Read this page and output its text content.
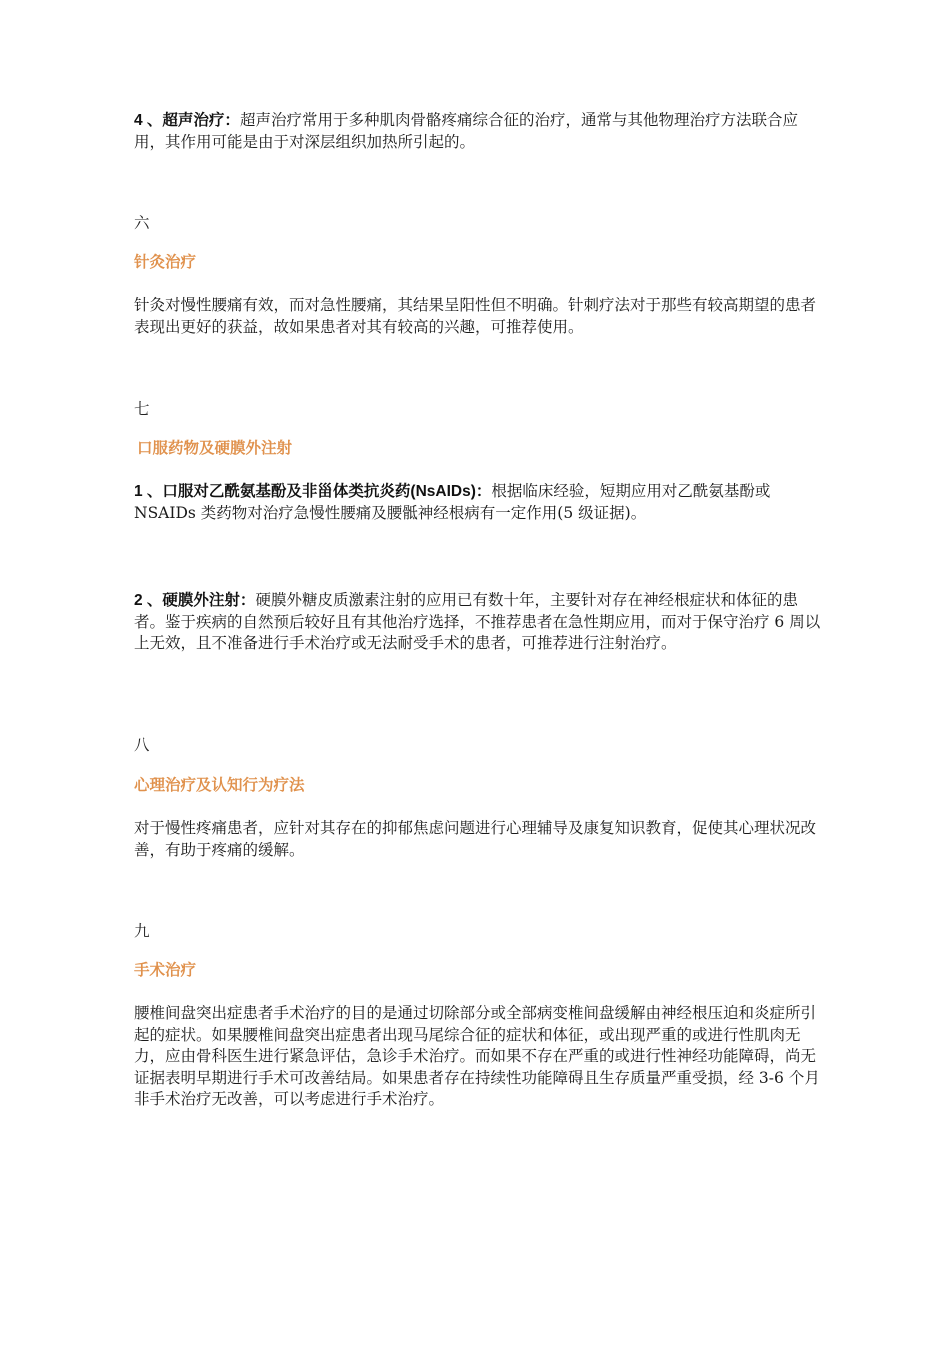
4 、超声治疗：超声治疗常用于多种肌肉骨骼疼痛综合征的治疗，通常与其他物理治疗方法联合应用，其作用可能是由于对深层组织加热所引起的。

六

针灸治疗

针灸对慢性腰痛有效，而对急性腰痛，其结果呈阳性但不明确。针刺疗法对于那些有较高期望的患者表现出更好的获益，故如果患者对其有较高的兴趣，可推荐使用。

七

口服药物及硬膜外注射

1 、口服对乙酰氨基酚及非甾体类抗炎药(NsAIDs)：根据临床经验，短期应用对乙酰氨基酚或 NSAIDs 类药物对治疗急慢性腰痛及腰骶神经根病有一定作用(5 级证据)。

2 、硬膜外注射：硬膜外糖皮质激素注射的应用已有数十年，主要针对存在神经根症状和体征的患者。鉴于疾病的自然预后较好且有其他治疗选择，不推荐患者在急性期应用，而对于保守治疗 6 周以上无效，且不准备进行手术治疗或无法耐受手术的患者，可推荐进行注射治疗。

八

心理治疗及认知行为疗法

对于慢性疼痛患者，应针对其存在的抑郁焦虑问题进行心理辅导及康复知识教育，促使其心理状况改善，有助于疼痛的缓解。

九

手术治疗

腰椎间盘突出症患者手术治疗的目的是通过切除部分或全部病变椎间盘缓解由神经根压迫和炎症所引起的症状。如果腰椎间盘突出症患者出现马尾综合征的症状和体征，或出现严重的或进行性肌肉无力，应由骨科医生进行紧急评估，急诊手术治疗。而如果不存在严重的或进行性神经功能障碍，尚无证据表明早期进行手术可改善结局。如果患者存在持续性功能障碍且生存质量严重受损，经 3-6 个月非手术治疗无改善，可以考虑进行手术治疗。
